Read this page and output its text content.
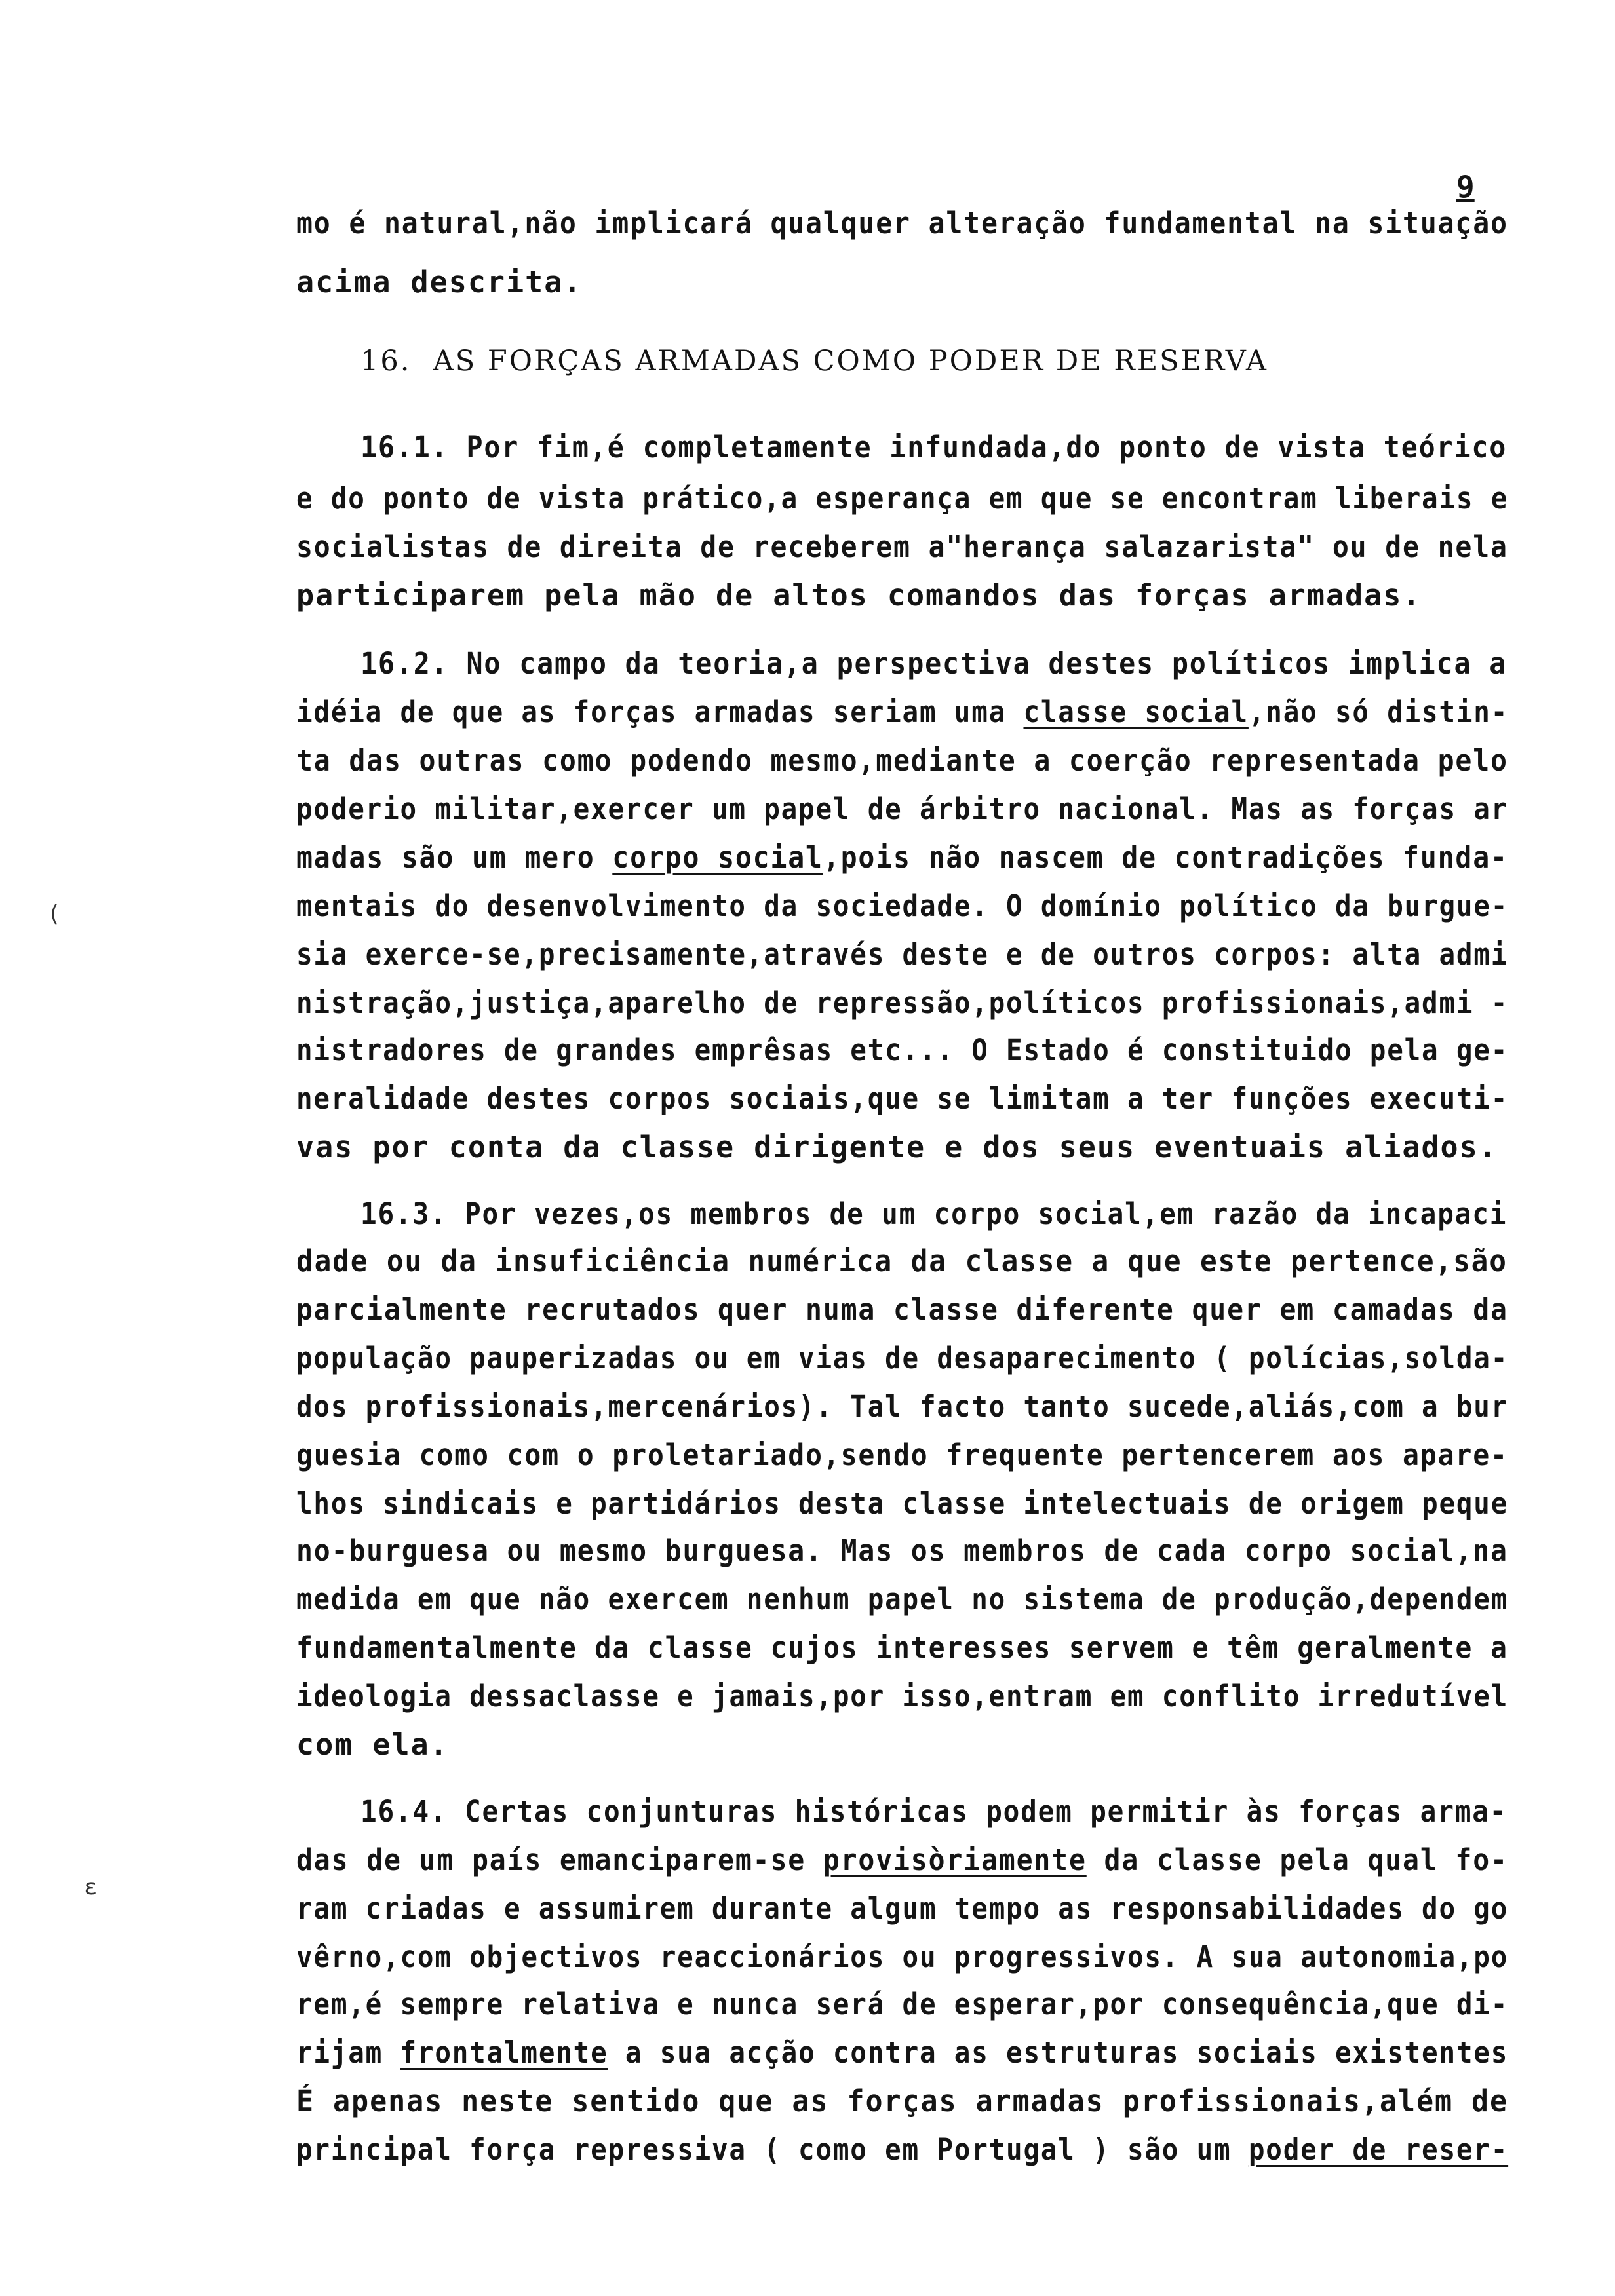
9
mo é natural,não implicará qualquer alteração fundamental na situação
acima descrita.
16.  AS FORÇAS ARMADAS COMO PODER DE RESERVA
16.1. Por fim,é completamente infundada,do ponto de vista teórico
e do ponto de vista prático,a esperança em que se encontram liberais e
socialistas de direita de receberem a"herança salazarista" ou de nela
participarem pela mão de altos comandos das forças armadas.
16.2. No campo da teoria,a perspectiva destes políticos implica a
idéia de que as forças armadas seriam uma classe social,não só distin-
ta das outras como podendo mesmo,mediante a coerção representada pelo
poderio militar,exercer um papel de árbitro nacional. Mas as forças ar
madas são um mero corpo social,pois não nascem de contradições funda-
mentais do desenvolvimento da sociedade. O domínio político da burgue-
sia exerce-se,precisamente,através deste e de outros corpos: alta admi
nistração,justiça,aparelho de repressão,políticos profissionais,admi -
nistradores de grandes emprêsas etc... O Estado é constituido pela ge-
neralidade destes corpos sociais,que se limitam a ter funções executi-
vas por conta da classe dirigente e dos seus eventuais aliados.
16.3. Por vezes,os membros de um corpo social,em razão da incapaci
dade ou da insuficiência numérica da classe a que este pertence,são
parcialmente recrutados quer numa classe diferente quer em camadas da
população pauperizadas ou em vias de desaparecimento ( polícias,solda-
dos profissionais,mercenários). Tal facto tanto sucede,aliás,com a bur
guesia como com o proletariado,sendo frequente pertencerem aos apare-
lhos sindicais e partidários desta classe intelectuais de origem peque
no-burguesa ou mesmo burguesa. Mas os membros de cada corpo social,na
medida em que não exercem nenhum papel no sistema de produção,dependem
fundamentalmente da classe cujos interesses servem e têm geralmente a
ideologia dessaclasse e jamais,por isso,entram em conflito irredutível
com ela.
16.4. Certas conjunturas históricas podem permitir às forças arma-
das de um país emanciparem-se provisòriamente da classe pela qual fo-
ram criadas e assumirem durante algum tempo as responsabilidades do go
vêrno,com objectivos reaccionários ou progressivos. A sua autonomia,po
rem,é sempre relativa e nunca será de esperar,por consequência,que di-
rijam frontalmente a sua acção contra as estruturas sociais existentes
É apenas neste sentido que as forças armadas profissionais,além de
principal força repressiva ( como em Portugal ) são um poder de reser-
(
ε
